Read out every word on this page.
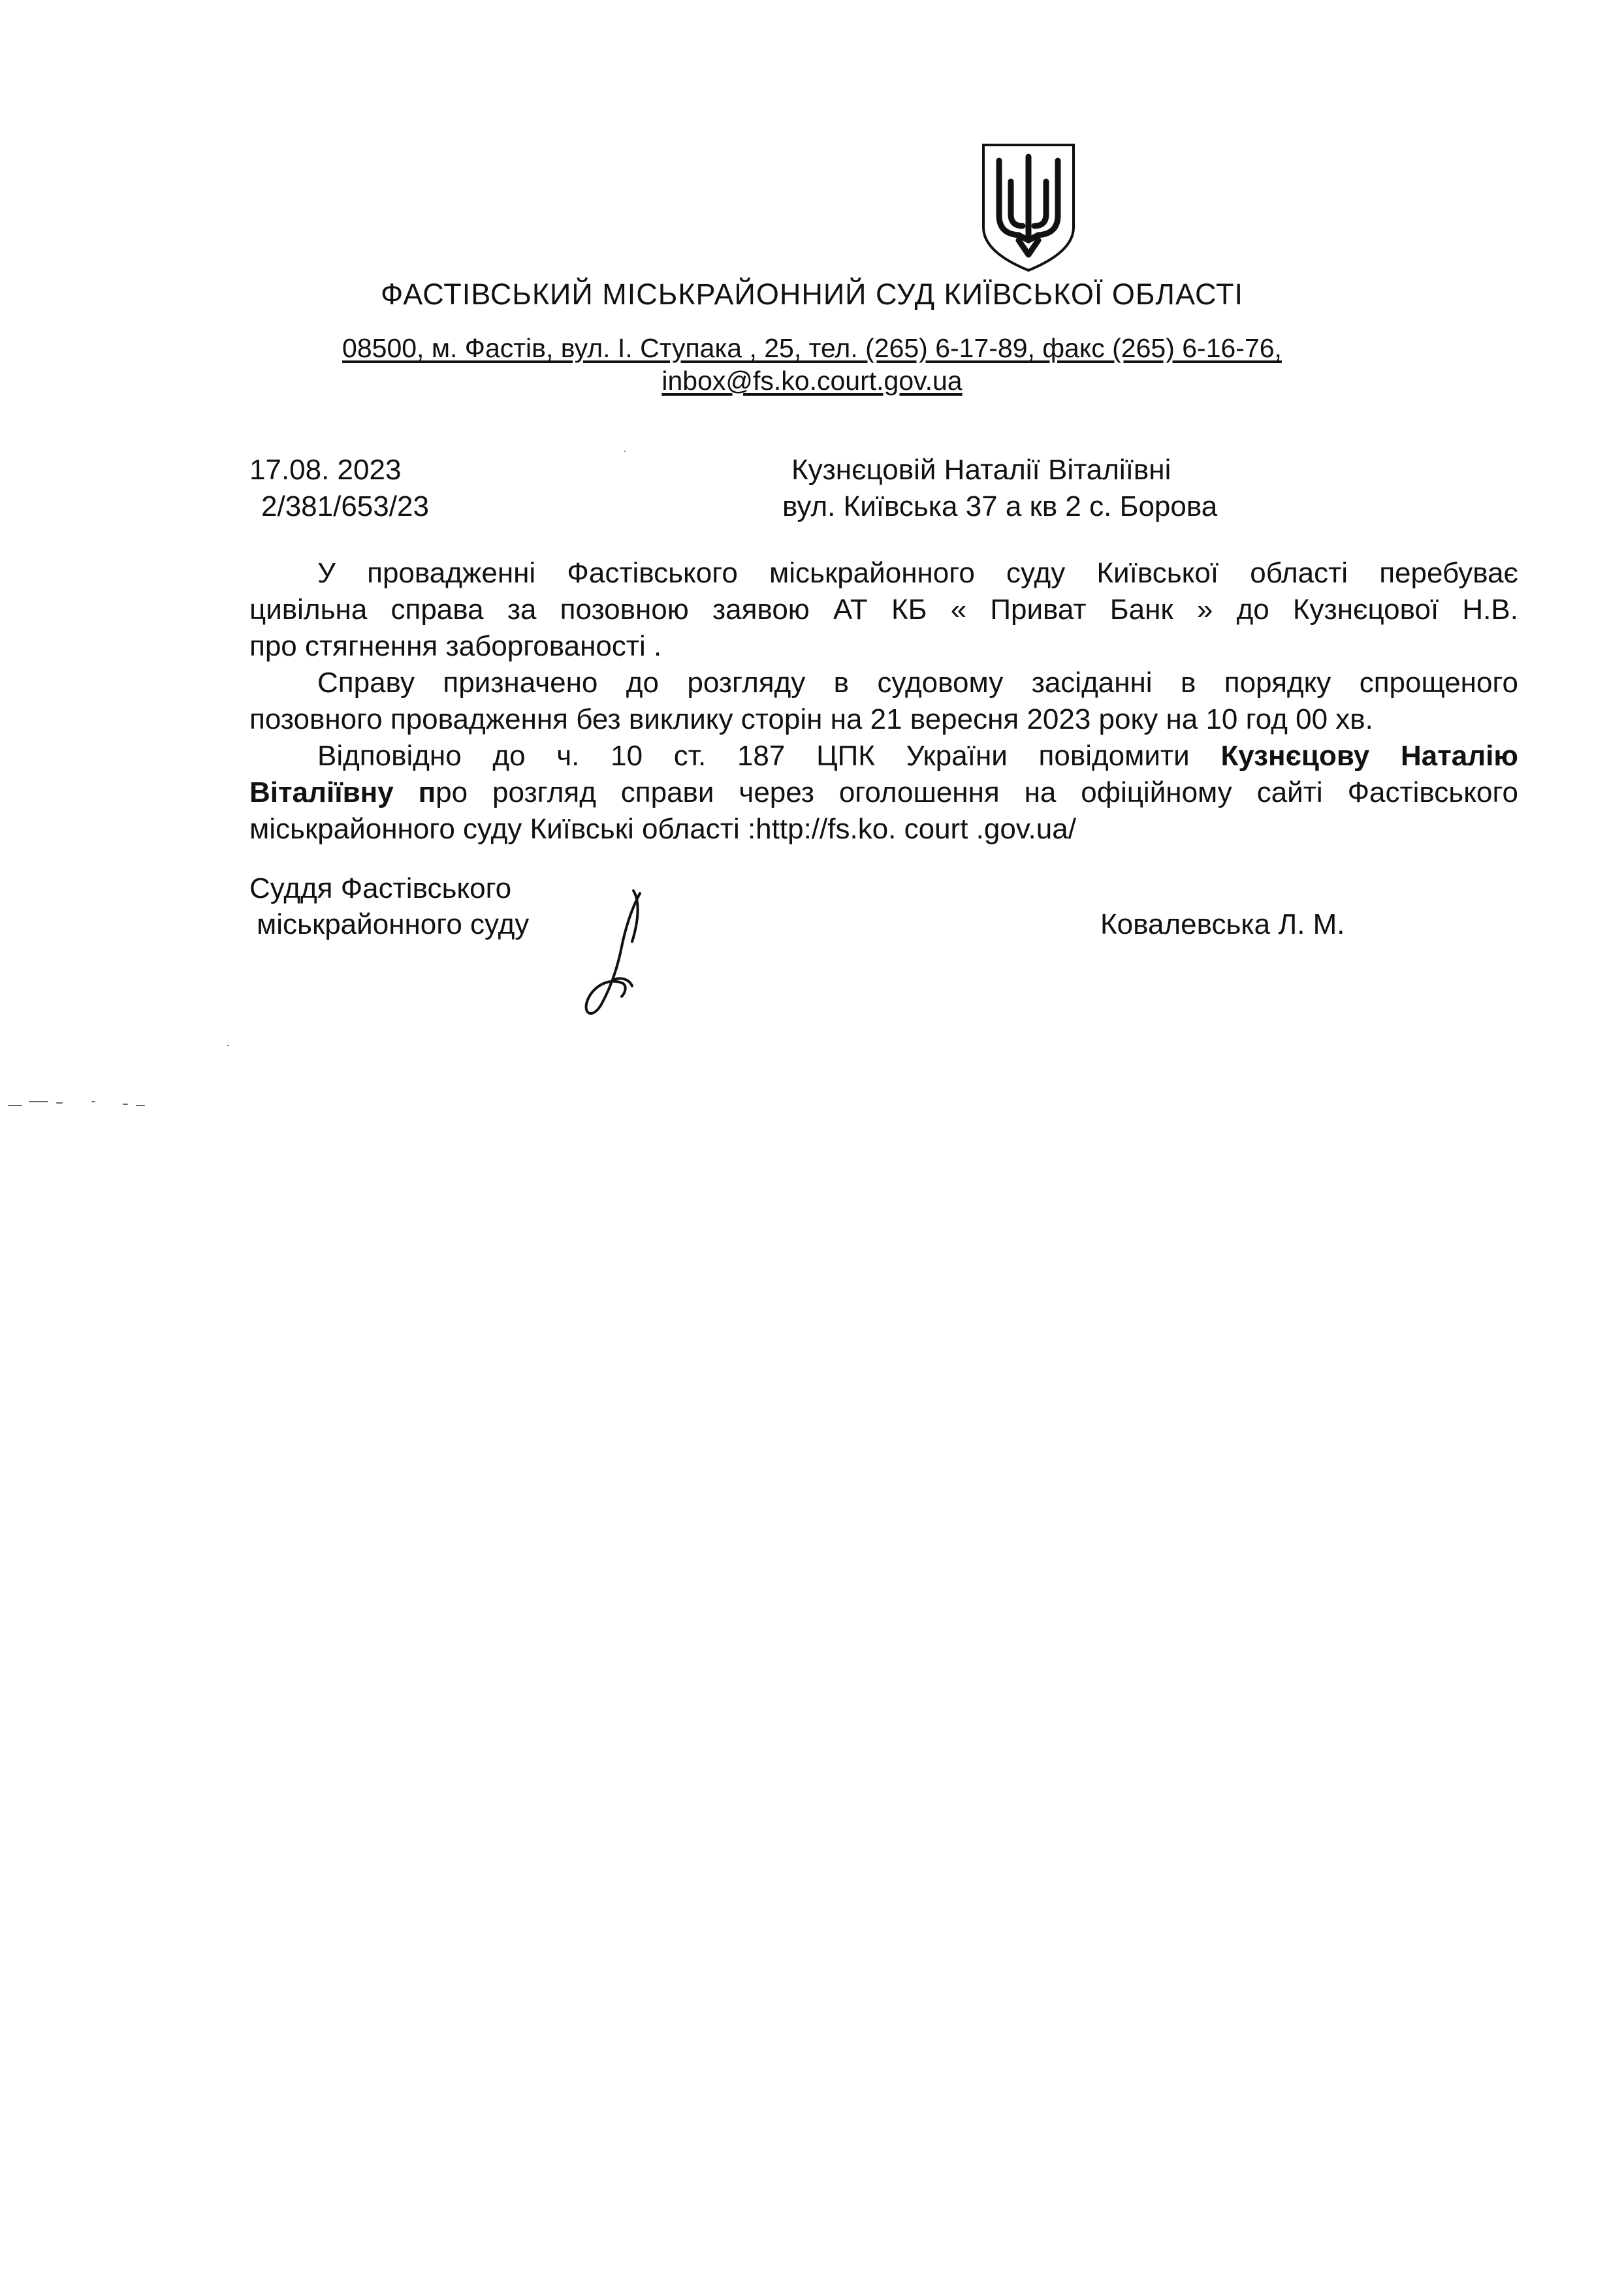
ФАСТІВСЬКИЙ МІСЬКРАЙОННИЙ СУД КИЇВСЬКОЇ ОБЛАСТІ
08500, м. Фастів, вул. І. Ступака , 25, тел. (265) 6-17-89, факс (265) 6-16-76,
inbox@fs.ko.court.gov.ua
17.08. 2023
2/381/653/23
Кузнєцовій Наталії Віталіївні
вул. Київська 37 а кв 2 с. Борова
У провадженні Фастівського міськрайонного суду Київської області перебуває
цивільна справа за позовною заявою АТ КБ « Приват Банк » до Кузнєцової Н.В.
про стягнення заборгованості .
Справу призначено до розгляду в судовому засіданні в порядку спрощеного
позовного провадження без виклику сторін на 21 вересня 2023 року на 10 год 00 хв.
Відповідно до ч. 10 ст. 187 ЦПК України повідомити Кузнєцову Наталію
Віталіївну про розгляд справи через оголошення на офіційному сайті Фастівського
міськрайонного суду Київські області :http://fs.ko. court .gov.ua/
Суддя Фастівського
міськрайонного суду	Ковалевська Л. М.
